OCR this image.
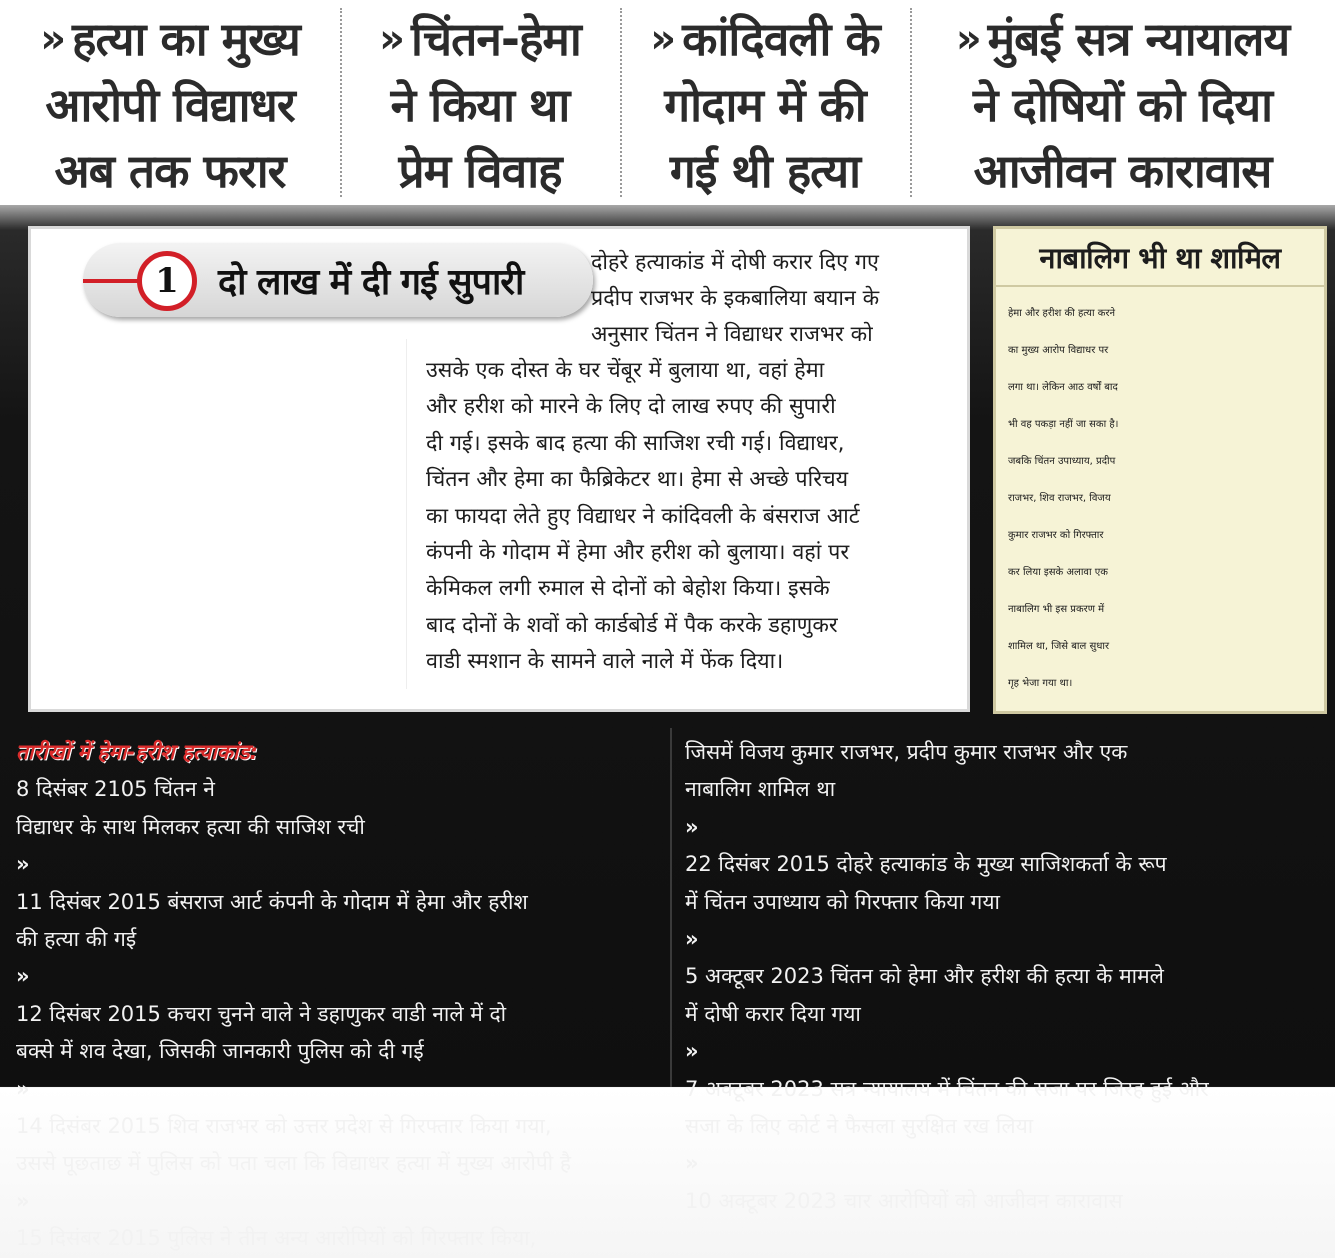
» हत्या का मुख्य
आरोपी विद्याधर
अब तक फरार
» चिंतन-हेमा
ने किया था
प्रेम विवाह
» कांदिवली के
गोदाम में की
गई थी हत्या
» मुंबई सत्र न्यायालय
ने दोषियों को दिया
आजीवन कारावास
1	दो लाख में दी गई सुपारी	दोहरे हत्याकांड में दोषी करार दिए गए
प्रदीप राजभर के इकबालिया बयान के
अनुसार चिंतन ने विद्याधर राजभर को
उसके एक दोस्त के घर चेंबूर में बुलाया था, वहां हेमा
और हरीश को मारने के लिए दो लाख रुपए की सुपारी
दी गई। इसके बाद हत्या की साजिश रची गई। विद्याधर,
चिंतन और हेमा का फैब्रिकेटर था। हेमा से अच्छे परिचय
का फायदा लेते हुए विद्याधर ने कांदिवली के बंसराज आर्ट
कंपनी के गोदाम में हेमा और हरीश को बुलाया। वहां पर
केमिकल लगी रुमाल से दोनों को बेहोश किया। इसके
बाद दोनों के शवों को कार्डबोर्ड में पैक करके डहाणुकर
वाडी स्मशान के सामने वाले नाले में फेंक दिया।
नाबालिग भी था शामिल
हेमा और हरीश की हत्या करने
का मुख्य आरोप विद्याधर पर
लगा था। लेकिन आठ वर्षों बाद
भी वह पकड़ा नहीं जा सका है।
जबकि चिंतन उपाध्याय, प्रदीप
राजभर, शिव राजभर, विजय
कुमार राजभर को गिरफ्तार
कर लिया इसके अलावा एक
नाबालिग भी इस प्रकरण में
शामिल था, जिसे बाल सुधार
गृह भेजा गया था।
तारीखों में हेमा-हरीश हत्याकांड:
8 दिसंबर 2105 चिंतन ने
विद्याधर के साथ मिलकर हत्या की साजिश रची
»
11 दिसंबर 2015 बंसराज आर्ट कंपनी के गोदाम में हेमा और हरीश
की हत्या की गई
»
12 दिसंबर 2015 कचरा चुनने वाले ने डहाणुकर वाडी नाले में दो
बक्से में शव देखा, जिसकी जानकारी पुलिस को दी गई
»
14 दिसंबर 2015 शिव राजभर को उत्तर प्रदेश से गिरफ्तार किया गया,
उससे पूछताछ में पुलिस को पता चला कि विद्याधर हत्या में मुख्य आरोपी है
»
15 दिसंबर 2015 पुलिस ने तीन अन्य आरोपियों को गिरफ्तार किया,
जिसमें विजय कुमार राजभर, प्रदीप कुमार राजभर और एक
नाबालिग शामिल था
»
22 दिसंबर 2015 दोहरे हत्याकांड के मुख्य साजिशकर्ता के रूप
में चिंतन उपाध्याय को गिरफ्तार किया गया
»
5 अक्टूबर 2023 चिंतन को हेमा और हरीश की हत्या के मामले
में दोषी करार दिया गया
»
7 अक्टूबर 2023 सत्र न्यायालय में चिंतन की सजा पर जिरह हुई और
सजा के लिए कोर्ट ने फैसला सुरक्षित रख लिया
»
10 अक्टूबर 2023 चार आरोपियों को आजीवन कारावास
